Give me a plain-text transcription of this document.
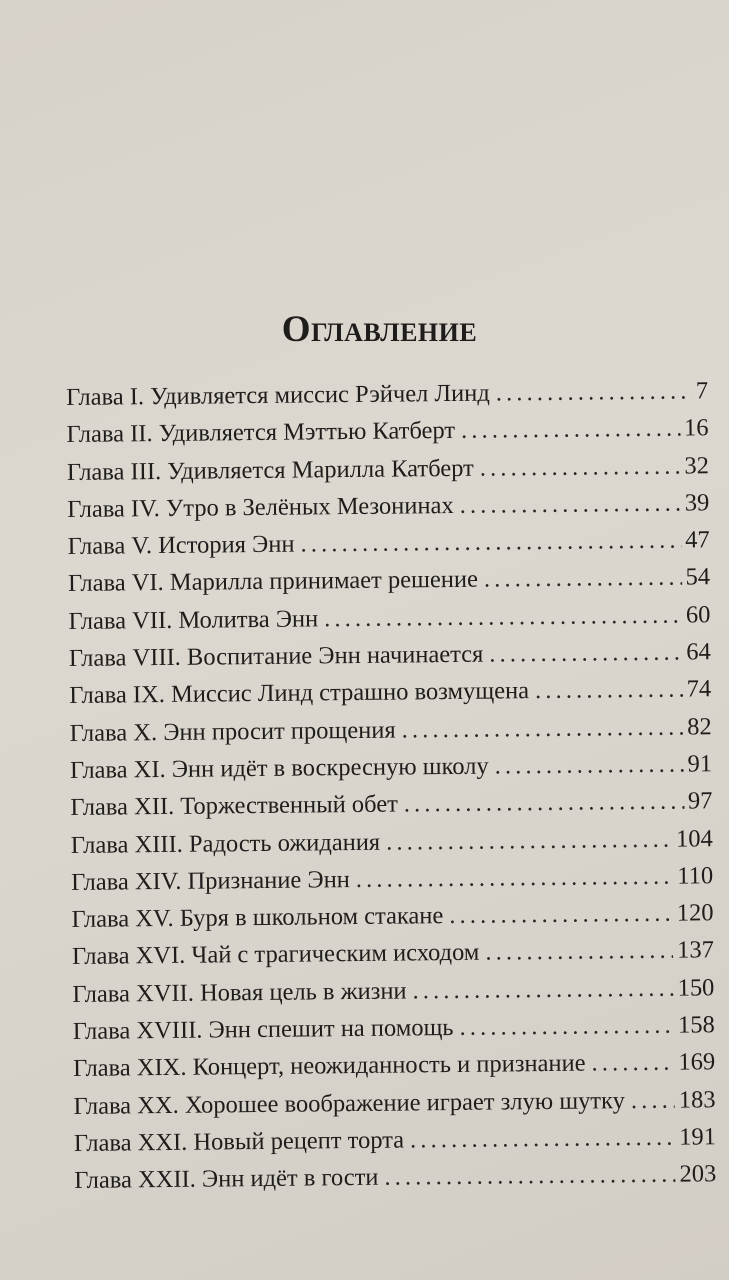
Оглавление
Глава I. Удивляется миссис Рэйчел Линд . . .	7
Глава II. Удивляется Мэттью Катберт . . .	16
Глава III. Удивляется Марилла Катберт . . .	32
Глава IV. Утро в Зелёных Мезонинах . . .	39
Глава V. История Энн . . .	47
Глава VI. Марилла принимает решение . . .	54
Глава VII. Молитва Энн . . .	60
Глава VIII. Воспитание Энн начинается . . .	64
Глава IX. Миссис Линд страшно возмущена . . .	74
Глава X. Энн просит прощения . . .	82
Глава XI. Энн идёт в воскресную школу . . .	91
Глава XII. Торжественный обет . . .	97
Глава XIII. Радость ожидания . . .	104
Глава XIV. Признание Энн . . .	110
Глава XV. Буря в школьном стакане . . .	120
Глава XVI. Чай с трагическим исходом . . .	137
Глава XVII. Новая цель в жизни . . .	150
Глава XVIII. Энн спешит на помощь . . .	158
Глава XIX. Концерт, неожиданность и признание . . .	169
Глава XX. Хорошее воображение играет злую шутку . . . 183
Глава XXI. Новый рецепт торта . . .	191
Глава XXII. Энн идёт в гости . . .	203
